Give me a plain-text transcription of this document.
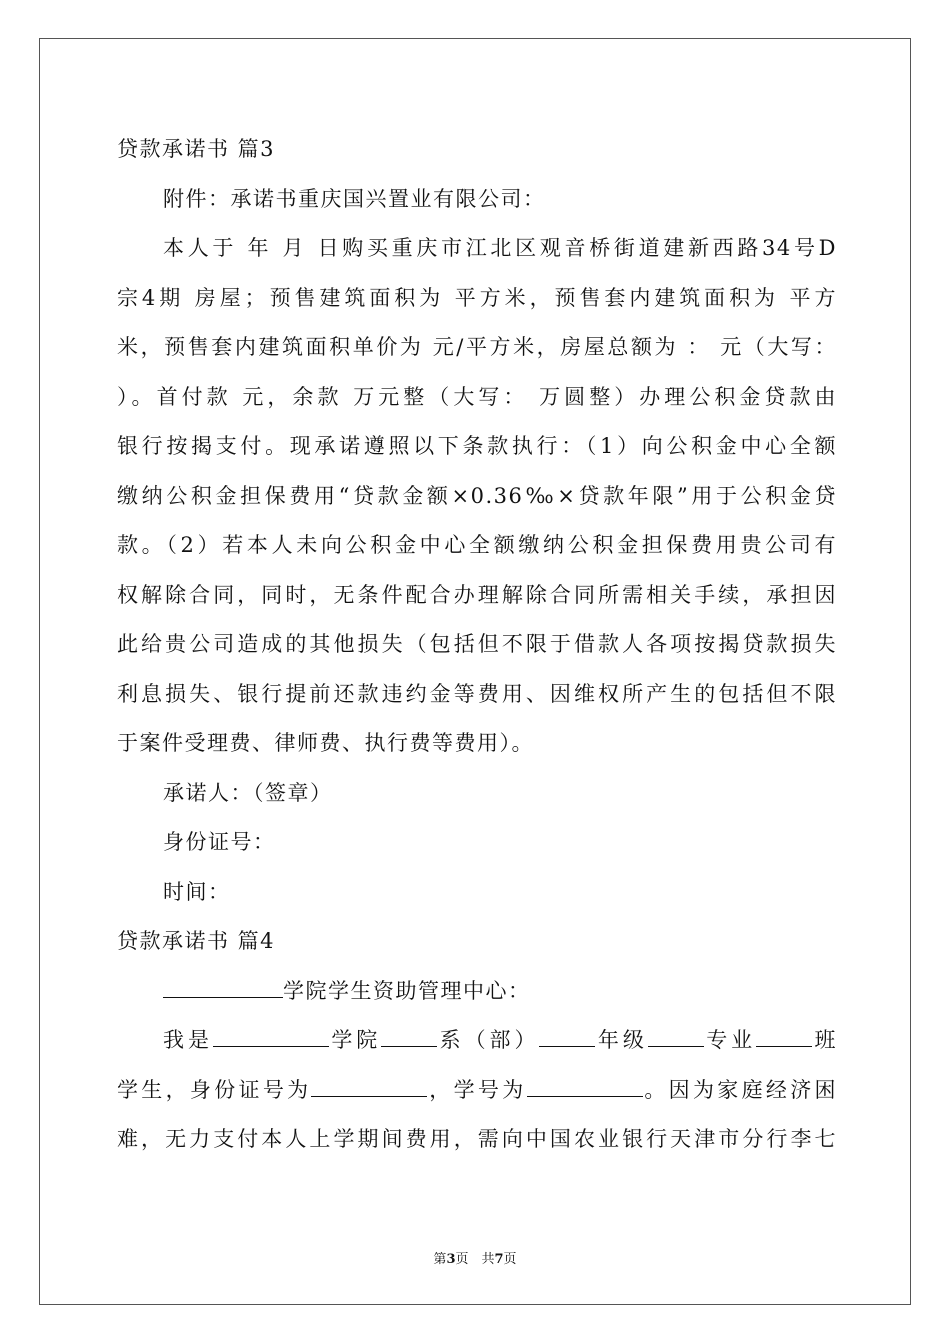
贷款承诺书 篇3
附件：承诺书重庆国兴置业有限公司：
本人于 年 月 日购买重庆市江北区观音桥街道建新西路34号D
宗4期 房屋；预售建筑面积为 平方米，预售套内建筑面积为 平方
米，预售套内建筑面积单价为 元/平方米，房屋总额为 ： 元（大写：
）。首付款 元，余款 万元整（大写： 万圆整）办理公积金贷款由
银行按揭支付。现承诺遵照以下条款执行：（1）向公积金中心全额
缴纳公积金担保费用“贷款金额×0.36‰×贷款年限”用于公积金贷
款。（2）若本人未向公积金中心全额缴纳公积金担保费用贵公司有
权解除合同，同时，无条件配合办理解除合同所需相关手续，承担因
此给贵公司造成的其他损失（包括但不限于借款人各项按揭贷款损失
利息损失、银行提前还款违约金等费用、因维权所产生的包括但不限
于案件受理费、律师费、执行费等费用）。
承诺人：（签章）
身份证号：
时间：
贷款承诺书 篇4
学院学生资助管理中心：
我是	学院	系（部）	年级	专业	班
学生，身份证号为	，学号为	。因为家庭经济困
难，无力支付本人上学期间费用，需向中国农业银行天津市分行李七
第3页　共7页
